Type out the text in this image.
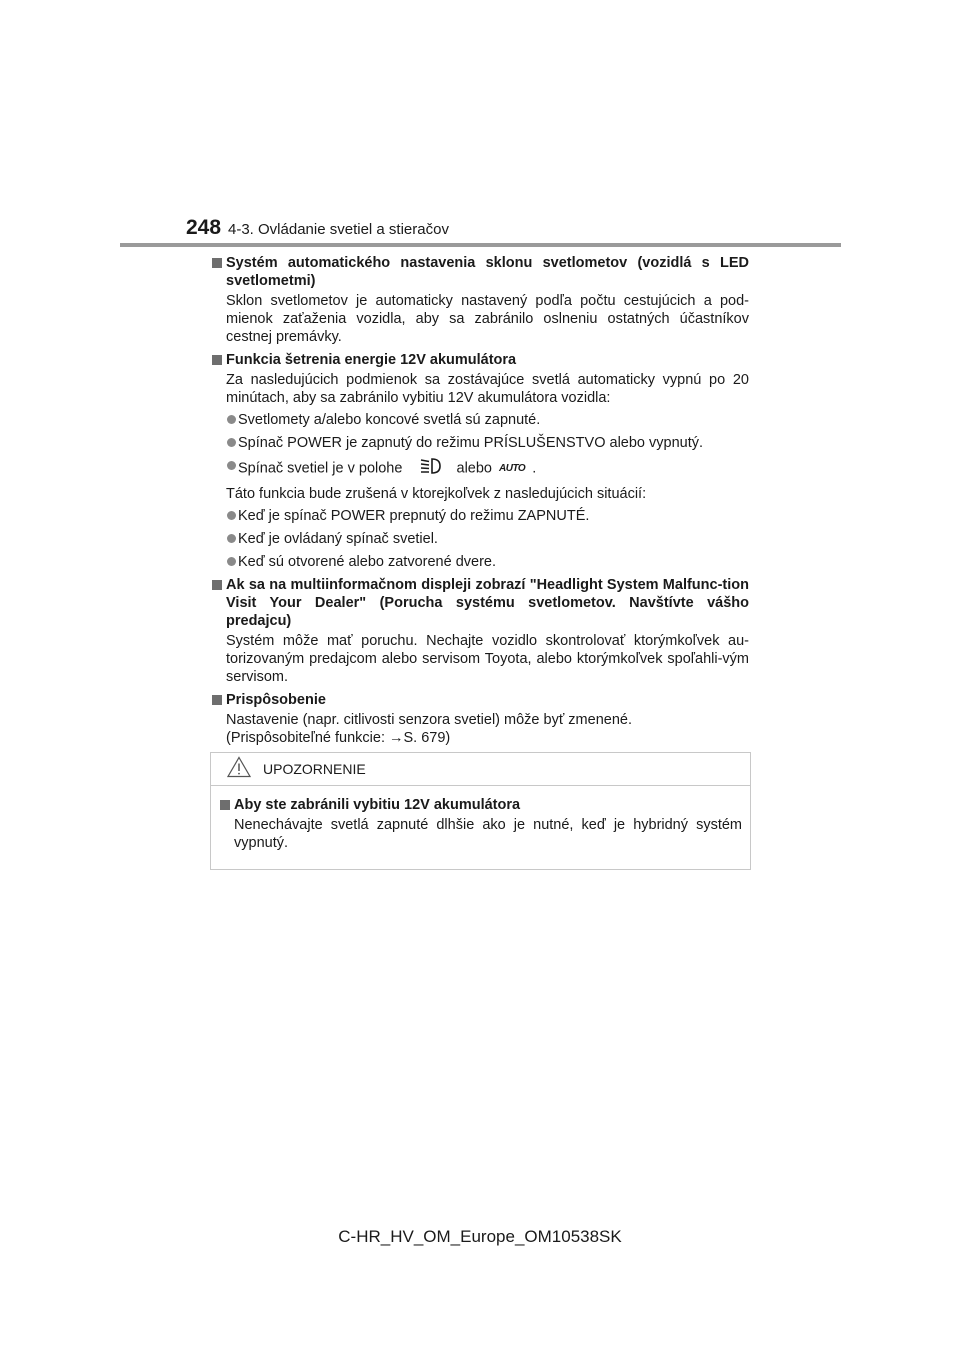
248 4-3. Ovládanie svetiel a stieračov
Systém automatického nastavenia sklonu svetlometov (vozidlá s LED svetlometmi)
Sklon svetlometov je automaticky nastavený podľa počtu cestujúcich a pod-mienok zaťaženia vozidla, aby sa zabránilo oslneniu ostatných účastníkov cestnej premávky.
Funkcia šetrenia energie 12V akumulátora
Za nasledujúcich podmienok sa zostávajúce svetlá automaticky vypnú po 20 minútach, aby sa zabránilo vybitiu 12V akumulátora vozidla:
Svetlomety a/alebo koncové svetlá sú zapnuté.
Spínač POWER je zapnutý do režimu PRÍSLUŠENSTVO alebo vypnutý.
Spínač svetiel je v polohe	alebo AUTO .
Táto funkcia bude zrušená v ktorejkoľvek z nasledujúcich situácií:
Keď je spínač POWER prepnutý do režimu ZAPNUTÉ.
Keď je ovládaný spínač svetiel.
Keď sú otvorené alebo zatvorené dvere.
Ak sa na multiinformačnom displeji zobrazí "Headlight System Malfunc-tion Visit Your Dealer" (Porucha systému svetlometov. Navštívte vášho predajcu)
Systém môže mať poruchu. Nechajte vozidlo skontrolovať ktorýmkoľvek au-torizovaným predajcom alebo servisom Toyota, alebo ktorýmkoľvek spoľahli-vým servisom.
Prispôsobenie
Nastavenie (napr. citlivosti senzora svetiel) môže byť zmenené.
(Prispôsobiteľné funkcie: →S. 679)
UPOZORNENIE
Aby ste zabránili vybitiu 12V akumulátora
Nenechávajte svetlá zapnuté dlhšie ako je nutné, keď je hybridný systém vypnutý.
C-HR_HV_OM_Europe_OM10538SK
